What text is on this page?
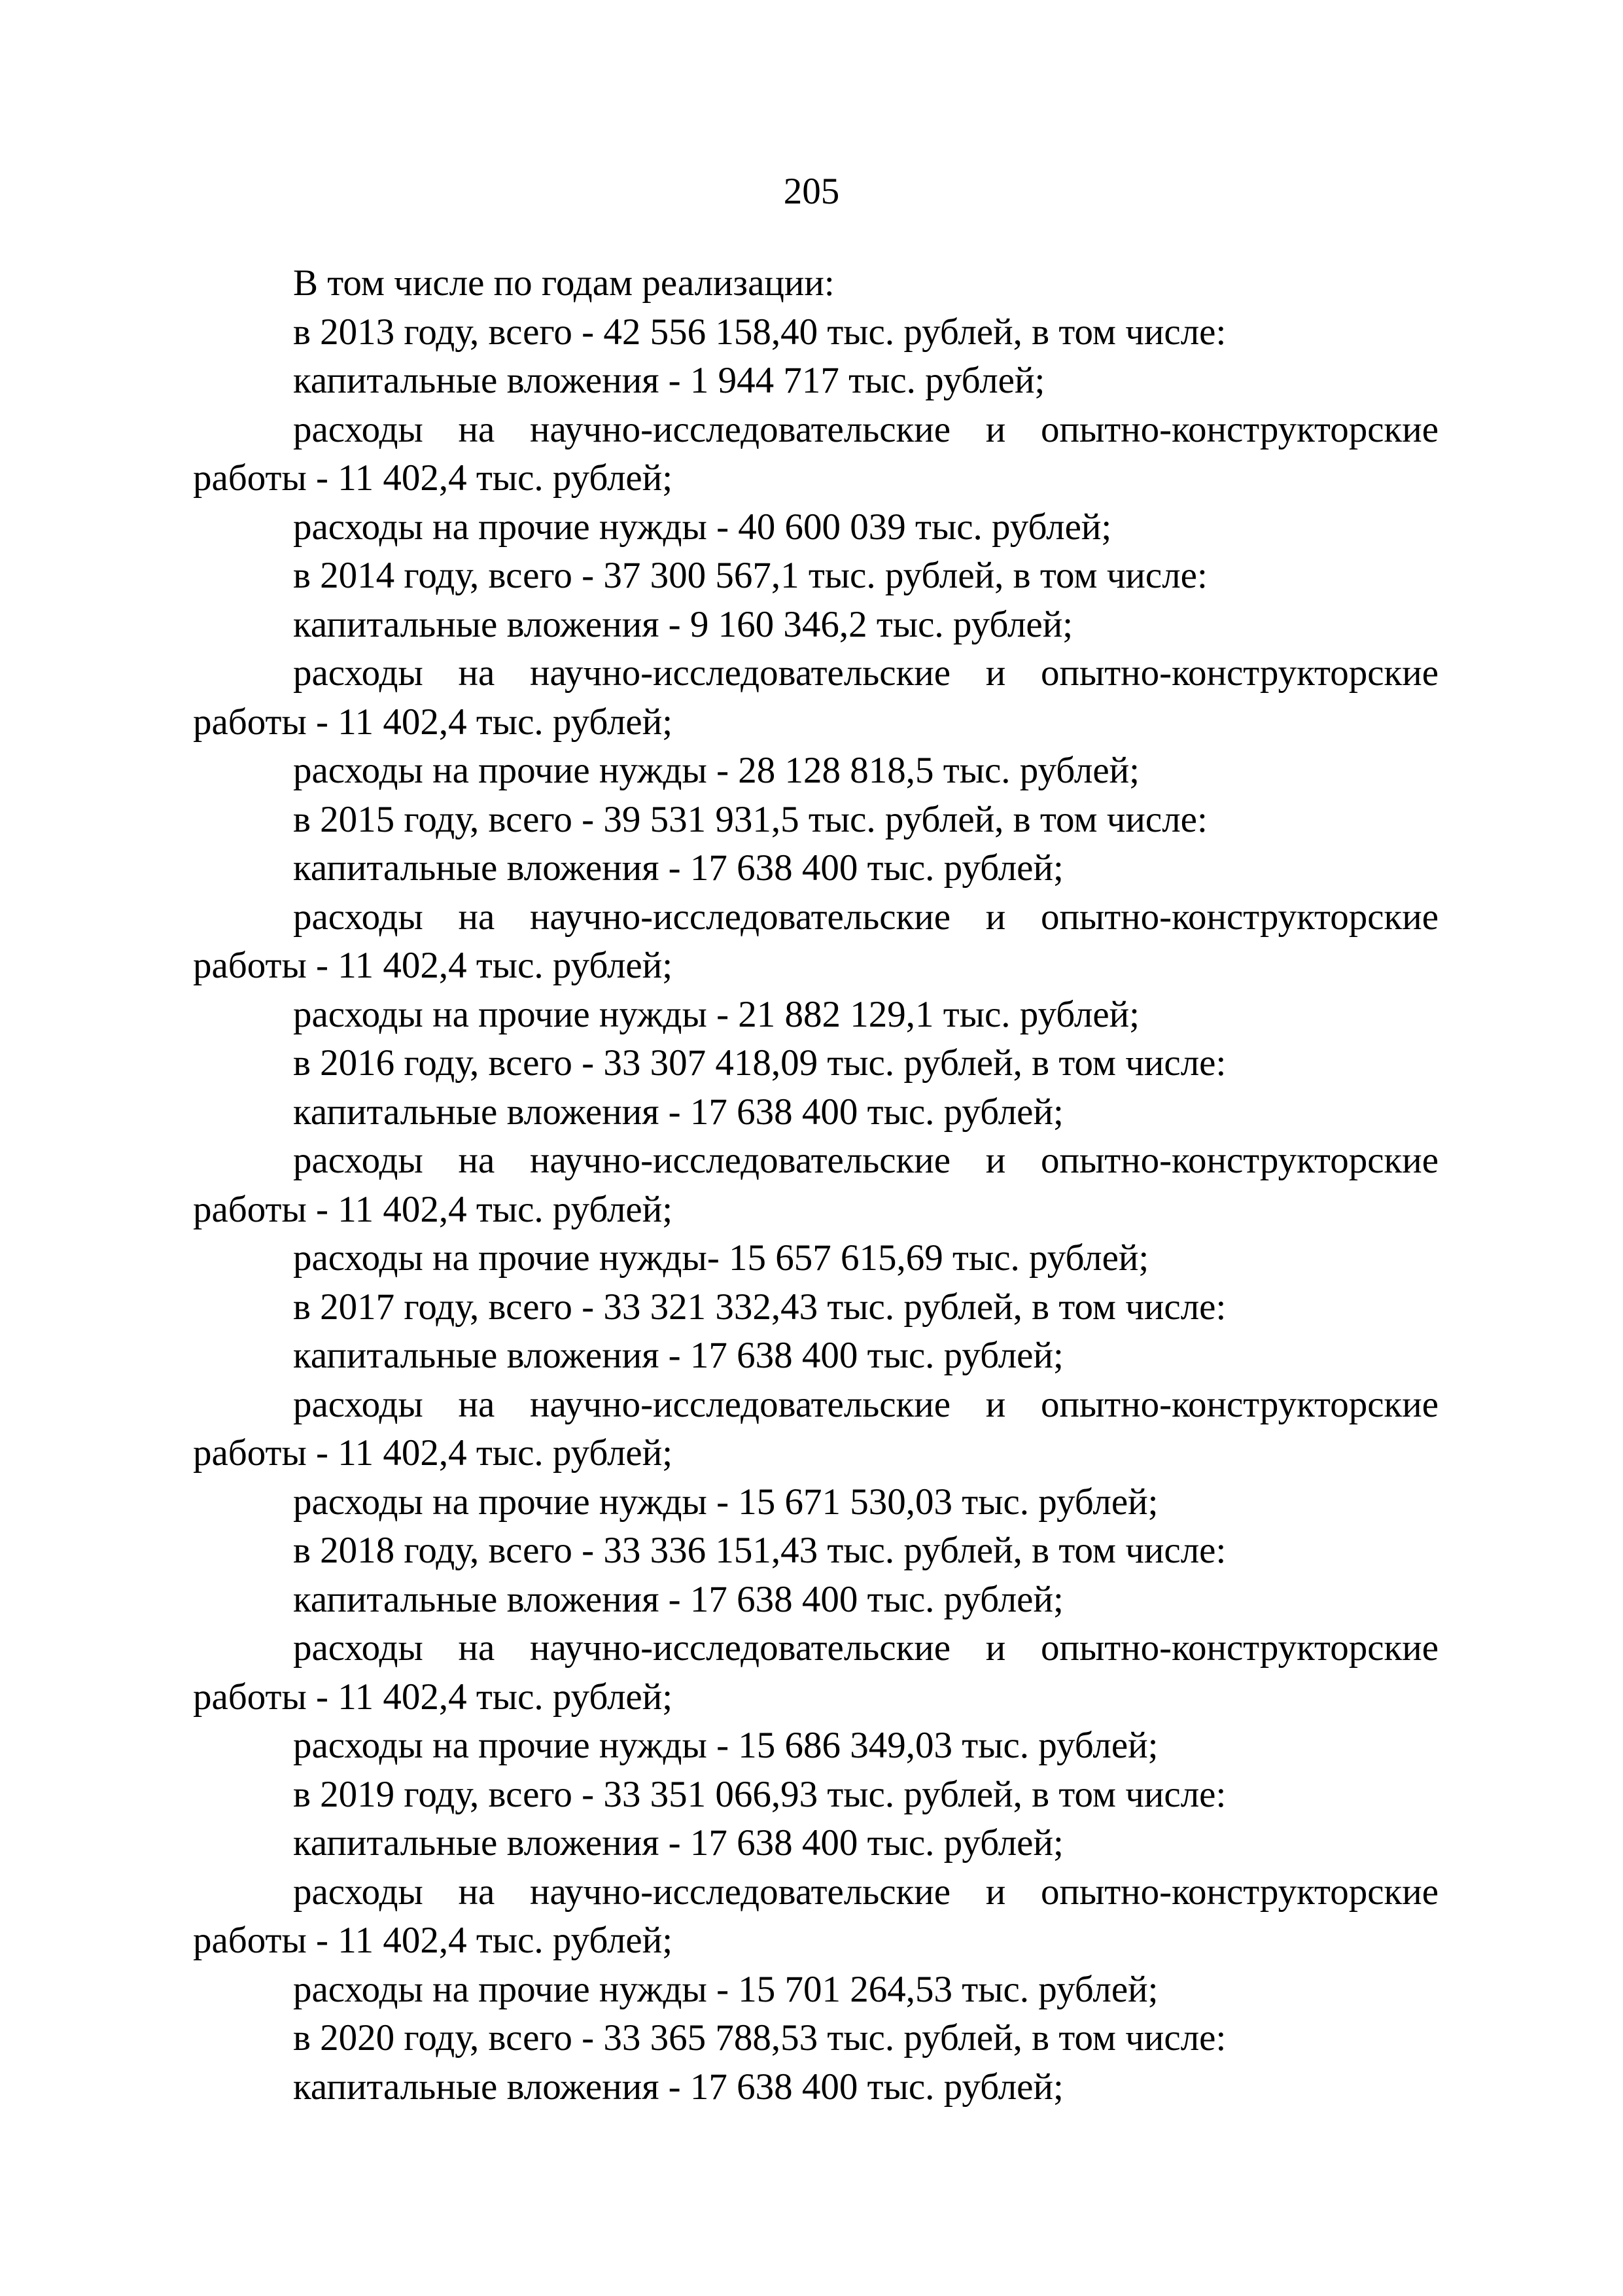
205
В том числе по годам реализации:
в 2013 году, всего - 42 556 158,40 тыс. рублей, в том числе:
капитальные вложения - 1 944 717 тыс. рублей;
расходы на научно-исследовательские и опытно-конструкторские
работы - 11 402,4 тыс. рублей;
расходы на прочие нужды - 40 600 039 тыс. рублей;
в 2014 году, всего - 37 300 567,1 тыс. рублей, в том числе:
капитальные вложения - 9 160 346,2 тыс. рублей;
расходы на научно-исследовательские и опытно-конструкторские
работы - 11 402,4 тыс. рублей;
расходы на прочие нужды - 28 128 818,5 тыс. рублей;
в 2015 году, всего - 39 531 931,5 тыс. рублей, в том числе:
капитальные вложения - 17 638 400 тыс. рублей;
расходы на научно-исследовательские и опытно-конструкторские
работы - 11 402,4 тыс. рублей;
расходы на прочие нужды - 21 882 129,1 тыс. рублей;
в 2016 году, всего - 33 307 418,09 тыс. рублей, в том числе:
капитальные вложения - 17 638 400 тыс. рублей;
расходы на научно-исследовательские и опытно-конструкторские
работы - 11 402,4 тыс. рублей;
расходы на прочие нужды- 15 657 615,69 тыс. рублей;
в 2017 году, всего - 33 321 332,43 тыс. рублей, в том числе:
капитальные вложения - 17 638 400 тыс. рублей;
расходы на научно-исследовательские и опытно-конструкторские
работы - 11 402,4 тыс. рублей;
расходы на прочие нужды - 15 671 530,03 тыс. рублей;
в 2018 году, всего - 33 336 151,43 тыс. рублей, в том числе:
капитальные вложения - 17 638 400 тыс. рублей;
расходы на научно-исследовательские и опытно-конструкторские
работы - 11 402,4 тыс. рублей;
расходы на прочие нужды - 15 686 349,03 тыс. рублей;
в 2019 году, всего - 33 351 066,93 тыс. рублей, в том числе:
капитальные вложения - 17 638 400 тыс. рублей;
расходы на научно-исследовательские и опытно-конструкторские
работы - 11 402,4 тыс. рублей;
расходы на прочие нужды - 15 701 264,53 тыс. рублей;
в 2020 году, всего - 33 365 788,53 тыс. рублей, в том числе:
капитальные вложения - 17 638 400 тыс. рублей;
